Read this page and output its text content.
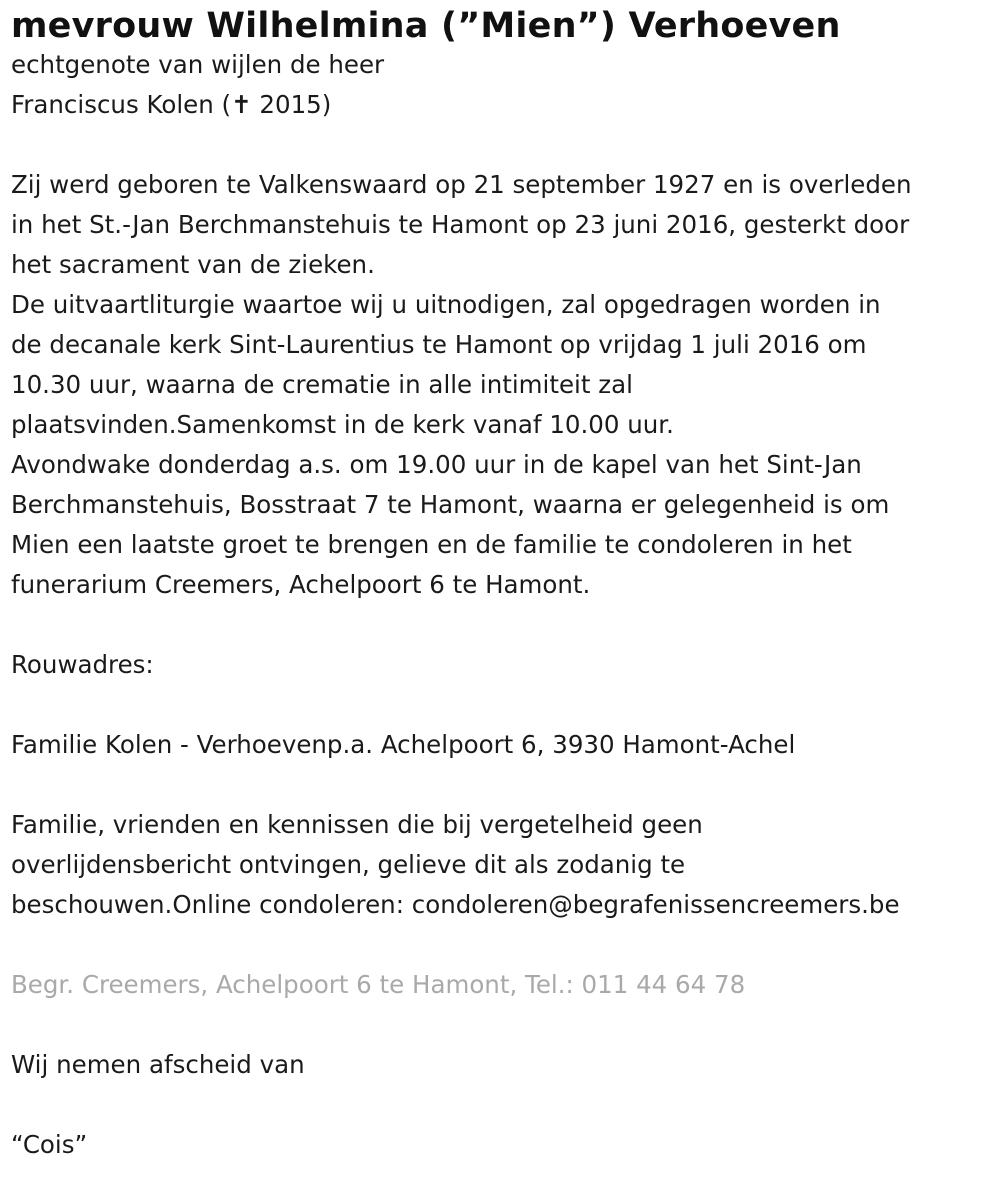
mevrouw Wilhelmina (”Mien”) Verhoeven

echtgenote van wijlen de heer

Franciscus Kolen (✝ 2015)

Zij werd geboren te Valkenswaard op 21 september 1927 en is overleden

in het St.-Jan Berchmanstehuis te Hamont op 23 juni 2016, gesterkt door

het sacrament van de zieken.

De uitvaartliturgie waartoe wij u uitnodigen, zal opgedragen worden in

de decanale kerk Sint-Laurentius te Hamont op vrijdag 1 juli 2016 om

10.30 uur, waarna de crematie in alle intimiteit zal

plaatsvinden.Samenkomst in de kerk vanaf 10.00 uur.

Avondwake donderdag a.s. om 19.00 uur in de kapel van het Sint-Jan

Berchmanstehuis, Bosstraat 7 te Hamont, waarna er gelegenheid is om

Mien een laatste groet te brengen en de familie te condoleren in het

funerarium Creemers, Achelpoort 6 te Hamont.

Rouwadres:

Familie Kolen - Verhoevenp.a. Achelpoort 6, 3930 Hamont-Achel

Familie, vrienden en kennissen die bij vergetelheid geen

overlijdensbericht ontvingen, gelieve dit als zodanig te

beschouwen.Online condoleren: condoleren@begrafenissencreemers.be

Begr. Creemers, Achelpoort 6 te Hamont, Tel.: 011 44 64 78

Wij nemen afscheid van

“Cois”
